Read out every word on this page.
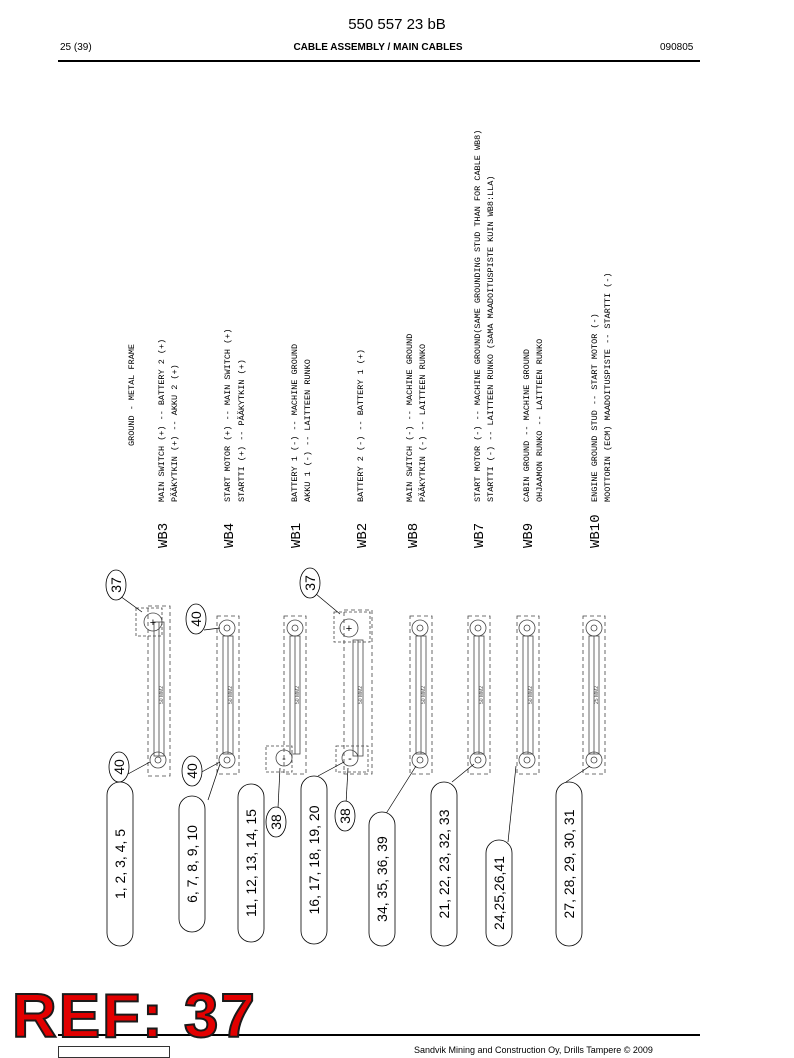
550 557 23 bB
25 (39)	CABLE ASSEMBLY / MAIN CABLES	090805
GROUND - METAL FRAME
WB3
MAIN SWITCH (+) -- BATTERY 2 (+) PÄÄKYTKIN (+) -- AKKU 2 (+)
WB4
START MOTOR (+) -- MAIN SWITCH (+) STARTTI (+) -- PÄÄKYTKIN (+)
WB1
BATTERY 1 (-) -- MACHINE GROUND AKKU 1 (-) -- LAITTEEN RUNKO
WB2
BATTERY 2 (-) -- BATTERY 1 (+)
WB8
MAIN SWITCH (-) -- MACHINE GROUND PÄÄKYTKIN (-) -- LAITTEEN RUNKO
WB7
START MOTOR (-) -- MACHINE GROUND(SAME GROUNDING STUD THAN FOR CABLE WB8) STARTTI (-) -- LAITTEEN RUNKO (SAMA MAADOITUSPISTE KUIN WB8:LLA)
WB9
CABIN GROUND -- MACHINE GROUND OHJAAMON RUNKO -- LAITTEEN RUNKO
WB10
ENGINE GROUND STUD -- START MOTOR (-) MOOTTORIN (ECM) MAADOITUSPISTE -- STARTTI (-)
50 MM2	50 MM2	50 MM2	50 MM2	50 MM2	50 MM2	50 MM2	25 MM2
+	+
-	-
37
40
40
40
37
38	38
1, 2, 3, 4, 5	6, 7, 8, 9, 10	11, 12, 13, 14, 15	16, 17, 18, 19, 20	34, 35, 36, 39	21, 22, 23, 32, 33	24,25,26,41	27, 28, 29, 30, 31
Sandvik Mining and Construction Oy, Drills Tampere © 2009
REF: 37
